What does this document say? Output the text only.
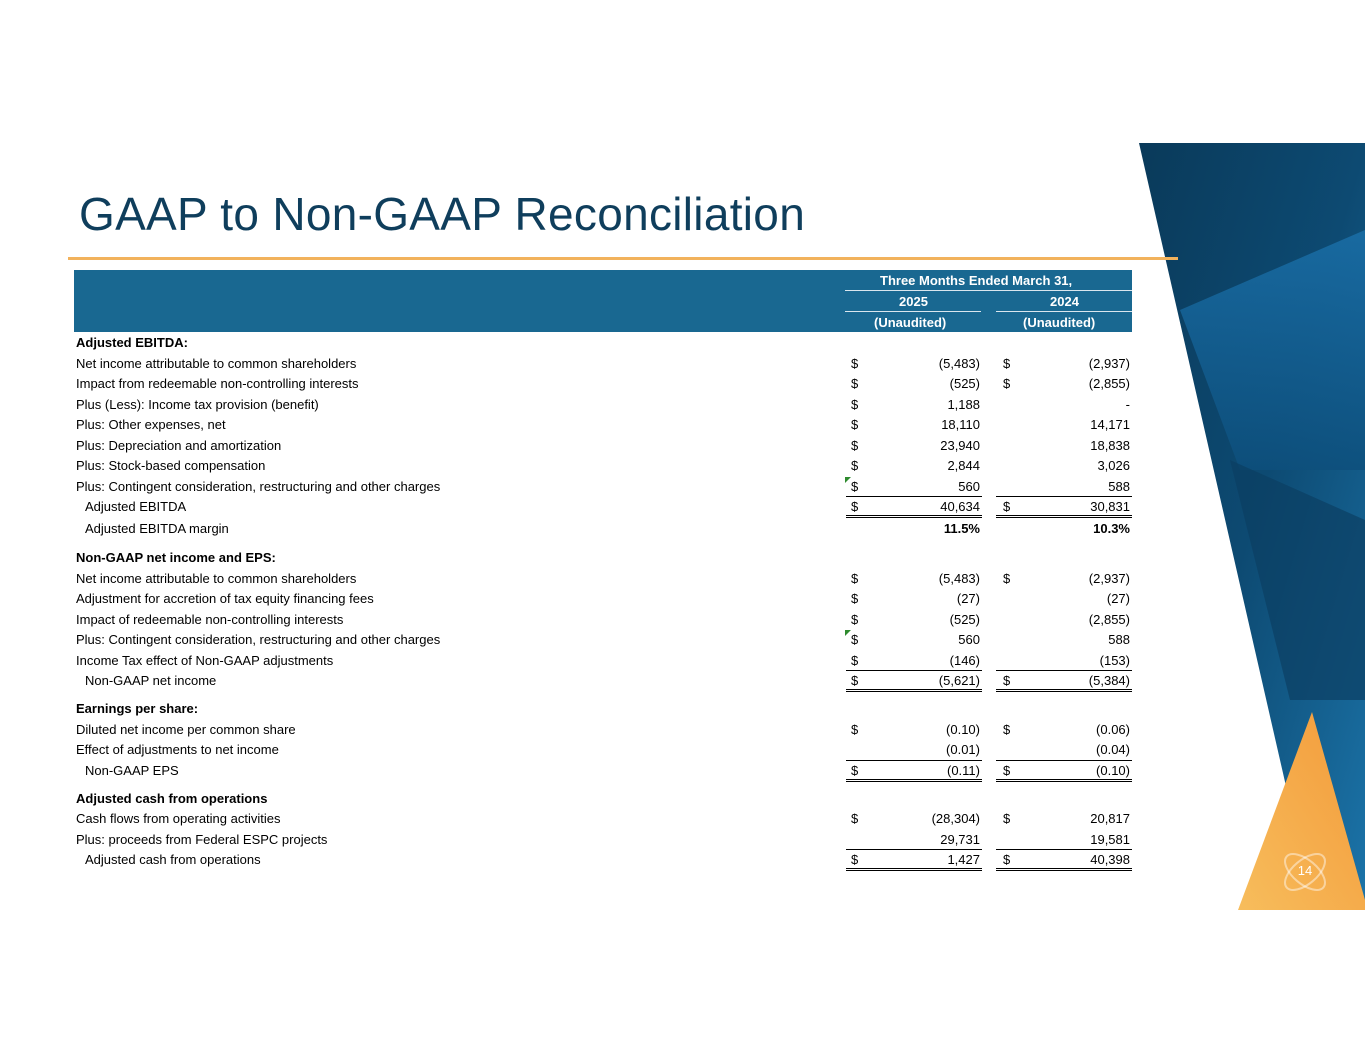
GAAP to Non-GAAP Reconciliation
Three Months Ended March 31,
2025	2024
(Unaudited)	(Unaudited)
Adjusted EBITDA:
Net income attributable to common shareholders	$	(5,483) $	(2,937)
Impact from redeemable non-controlling interests	$	(525) $	(2,855)
Plus (Less): Income tax provision (benefit)	$	1,188	-
Plus: Other expenses, net	$	18,110	14,171
Plus: Depreciation and amortization	$	23,940	18,838
Plus: Stock-based compensation	$	2,844	3,026
Plus: Contingent consideration, restructuring and other charges	$	560	588
Adjusted EBITDA	$	40,634 $	30,831
Adjusted EBITDA margin	11.5%	10.3%
Non-GAAP net income and EPS:
Net income attributable to common shareholders	$	(5,483) $	(2,937)
Adjustment for accretion of tax equity financing fees	$	(27)	(27)
Impact of redeemable non-controlling interests	$	(525)	(2,855)
Plus: Contingent consideration, restructuring and other charges	$	560	588
Income Tax effect of Non-GAAP adjustments	$	(146)	(153)
Non-GAAP net income	$	(5,621) $	(5,384)
Earnings per share:
Diluted net income per common share	$	(0.10) $	(0.06)
Effect of adjustments to net income	(0.01)	(0.04)
Non-GAAP EPS	$	(0.11) $	(0.10)
Adjusted cash from operations
Cash flows from operating activities	$	(28,304) $	20,817
Plus: proceeds from Federal ESPC projects	29,731	19,581
Adjusted cash from operations	$	1,427 $	40,398
14
